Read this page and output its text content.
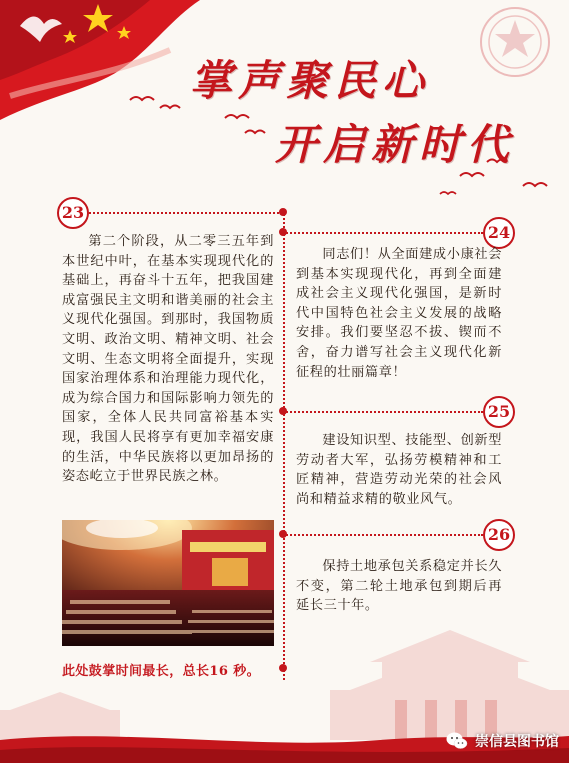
掌声聚民心
开启新时代
23
24
25
26
第二个阶段，从二零三五年到本世纪中叶，在基本实现现代化的基础上，再奋斗十五年，把我国建成富强民主文明和谐美丽的社会主义现代化强国。到那时，我国物质文明、政治文明、精神文明、社会文明、生态文明将全面提升，实现国家治理体系和治理能力现代化，成为综合国力和国际影响力领先的国家，全体人民共同富裕基本实现，我国人民将享有更加幸福安康的生活，中华民族将以更加昂扬的姿态屹立于世界民族之林。
同志们！从全面建成小康社会到基本实现现代化，再到全面建成社会主义现代化强国，是新时代中国特色社会主义发展的战略安排。我们要坚忍不拔、锲而不舍，奋力谱写社会主义现代化新征程的壮丽篇章！
建设知识型、技能型、创新型劳动者大军，弘扬劳模精神和工匠精神，营造劳动光荣的社会风尚和精益求精的敬业风气。
保持土地承包关系稳定并长久不变，第二轮土地承包到期后再延长三十年。
此处鼓掌时间最长，总长16 秒。
崇信县图书馆
